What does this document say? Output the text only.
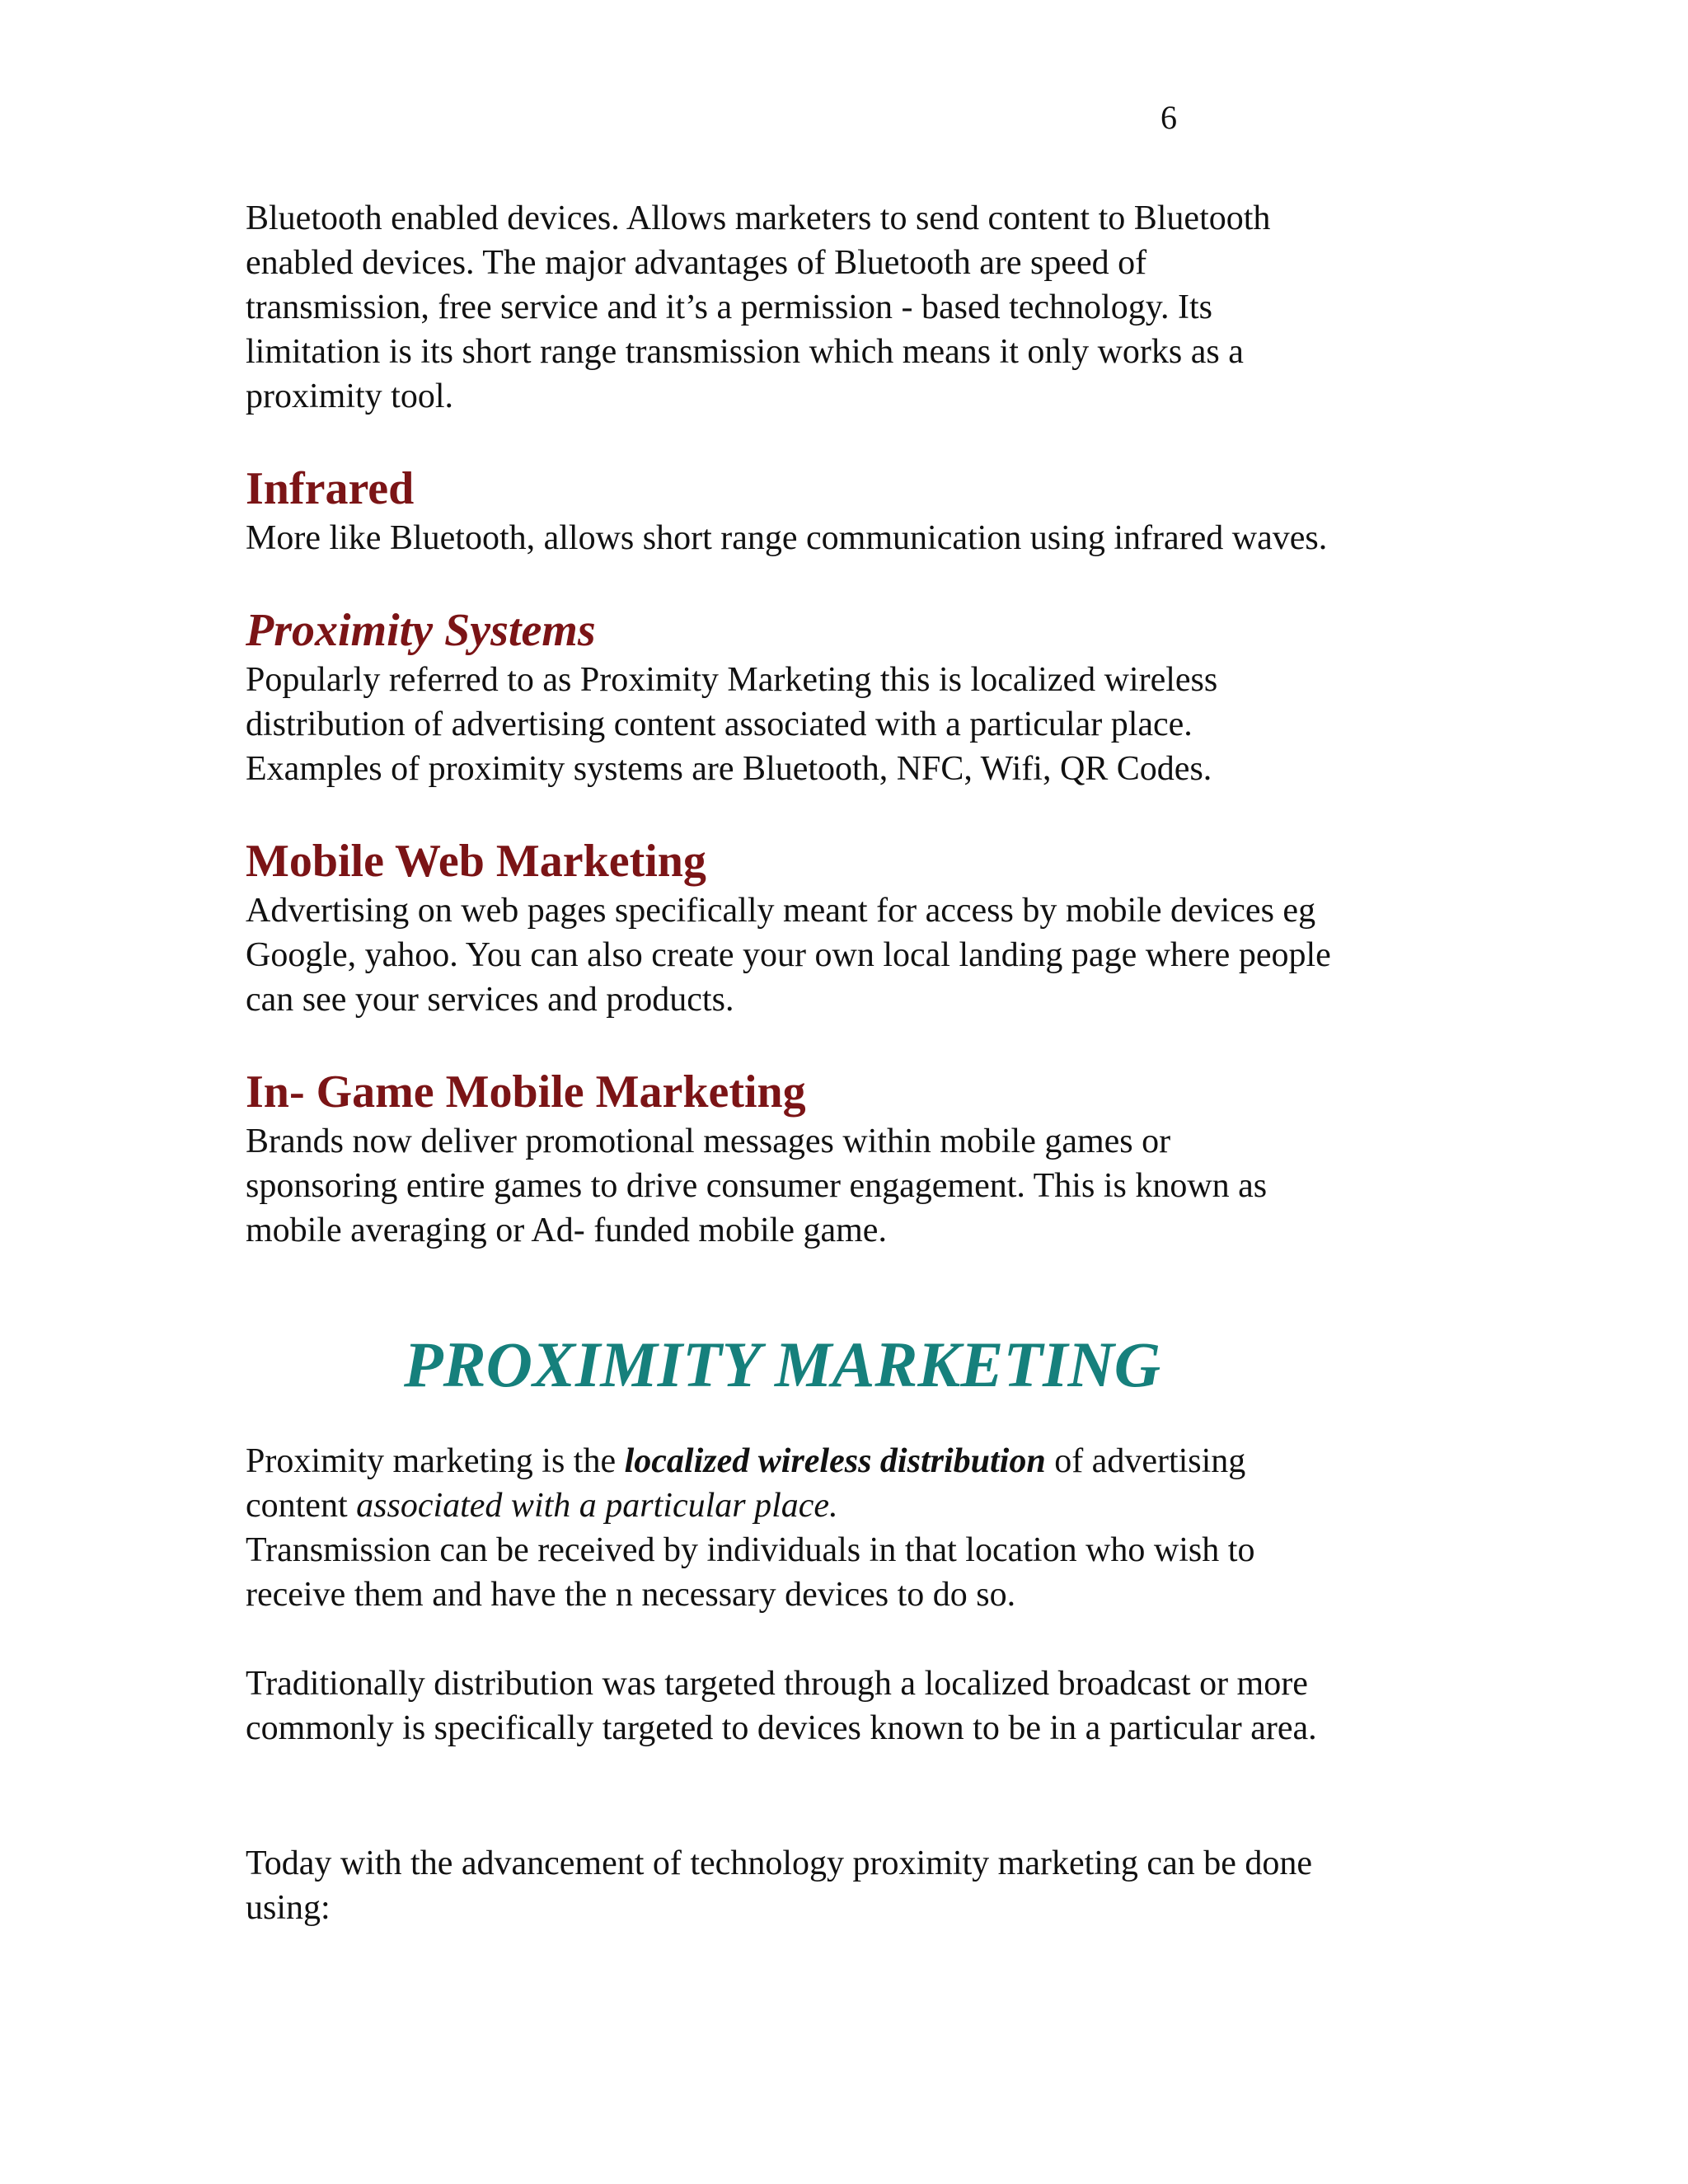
6

Bluetooth enabled devices. Allows marketers to send content to Bluetooth

enabled devices. The major advantages of Bluetooth are speed of

transmission, free service and it’s a permission - based technology. Its

limitation is its short range transmission which means it only works as a

proximity tool.

Infrared

More like Bluetooth, allows short range communication using infrared waves.

Proximity Systems

Popularly referred to as Proximity Marketing this is localized wireless

distribution of advertising content associated with a particular place.

Examples of proximity systems are Bluetooth, NFC, Wifi, QR Codes.

Mobile Web Marketing

Advertising on web pages specifically meant for access by mobile devices eg

Google, yahoo. You can also create your own local landing page where people

can see your services and products.

In- Game Mobile Marketing

Brands now deliver promotional messages within mobile games or

sponsoring entire games to drive consumer engagement. This is known as

mobile averaging or Ad- funded mobile game.

PROXIMITY MARKETING

Proximity marketing is the localized wireless distribution of advertising

content associated with a particular place.

Transmission can be received by individuals in that location who wish to

receive them and have the n necessary devices to do so.

Traditionally distribution was targeted through a localized broadcast or more

commonly is specifically targeted to devices known to be in a particular area.

Today with the advancement of technology proximity marketing can be done

using:
